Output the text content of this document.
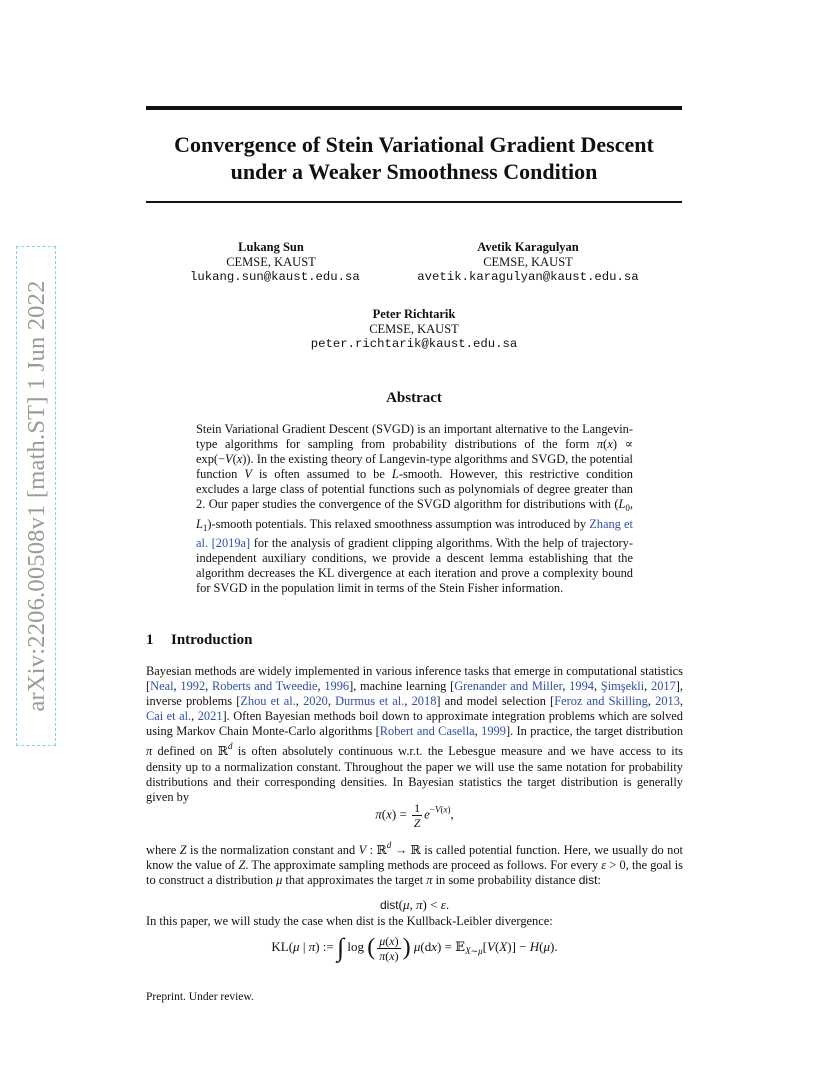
Convergence of Stein Variational Gradient Descent
under a Weaker Smoothness Condition
arXiv:2206.00508v1 [math.ST] 1 Jun 2022
Lukang Sun
CEMSE, KAUST
lukang.sun@kaust.edu.sa
Avetik Karagulyan
CEMSE, KAUST
avetik.karagulyan@kaust.edu.sa
Peter Richtarik
CEMSE, KAUST
peter.richtarik@kaust.edu.sa
Abstract
Stein Variational Gradient Descent (SVGD) is an important alternative to the Langevin-type algorithms for sampling from probability distributions of the form π(x) ∝ exp(−V(x)). In the existing theory of Langevin-type algorithms and SVGD, the potential function V is often assumed to be L-smooth. However, this restrictive condition excludes a large class of potential functions such as polynomials of degree greater than 2. Our paper studies the convergence of the SVGD algorithm for distributions with ($L_0$, $L_1$)-smooth potentials. This relaxed smoothness assumption was introduced by Zhang et al. [2019a] for the analysis of gradient clipping algorithms. With the help of trajectory-independent auxiliary conditions, we provide a descent lemma establishing that the algorithm decreases the KL divergence at each iteration and prove a complexity bound for SVGD in the population limit in terms of the Stein Fisher information.
1 Introduction
Bayesian methods are widely implemented in various inference tasks that emerge in computational statistics [Neal, 1992, Roberts and Tweedie, 1996], machine learning [Grenander and Miller, 1994, Şimşekli, 2017], inverse problems [Zhou et al., 2020, Durmus et al., 2018] and model selection [Feroz and Skilling, 2013, Cai et al., 2021]. Often Bayesian methods boil down to approximate integration problems which are solved using Markov Chain Monte-Carlo algorithms [Robert and Casella, 1999]. In practice, the target distribution π defined on ℝ$^d$ is often absolutely continuous w.r.t. the Lebesgue measure and we have access to its density up to a normalization constant. Throughout the paper we will use the same notation for probability distributions and their corresponding densities. In Bayesian statistics the target distribution is generally given by
$\pi(x) = \frac{1}{Z} e^{-V(x)}$,
where Z is the normalization constant and V : ℝ$^d$ → ℝ is called potential function. Here, we usually do not know the value of Z. The approximate sampling methods are proceed as follows. For every ε > 0, the goal is to construct a distribution μ that approximates the target π in some probability distance dist:
dist(μ, π) < ε.
In this paper, we will study the case when dist is the Kullback-Leibler divergence:
KL(μ | π) := ∫ log ( $\frac{\mu(x)}{\pi(x)}$ ) μ(dx) = 𝔼$_{X\sim\mu}$[V(X)] − H(μ).
Preprint. Under review.
